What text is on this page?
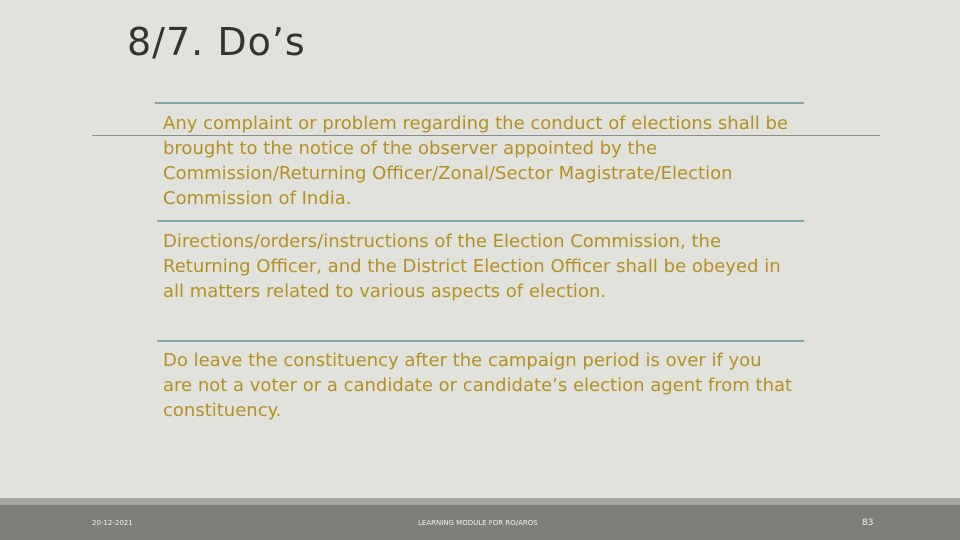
8/7. Do’s

Any complaint or problem regarding the conduct of elections shall be brought to the notice of the observer appointed by the Commission/Returning Officer/Zonal/Sector Magistrate/Election Commission of India.

Directions/orders/instructions of the Election Commission, the Returning Officer, and the District Election Officer shall be obeyed in all matters related to various aspects of election.

Do leave the constituency after the campaign period is over if you are not a voter or a candidate or candidate’s election agent from that constituency.

20-12-2021	LEARNING MODULE FOR RO/AROS	83
